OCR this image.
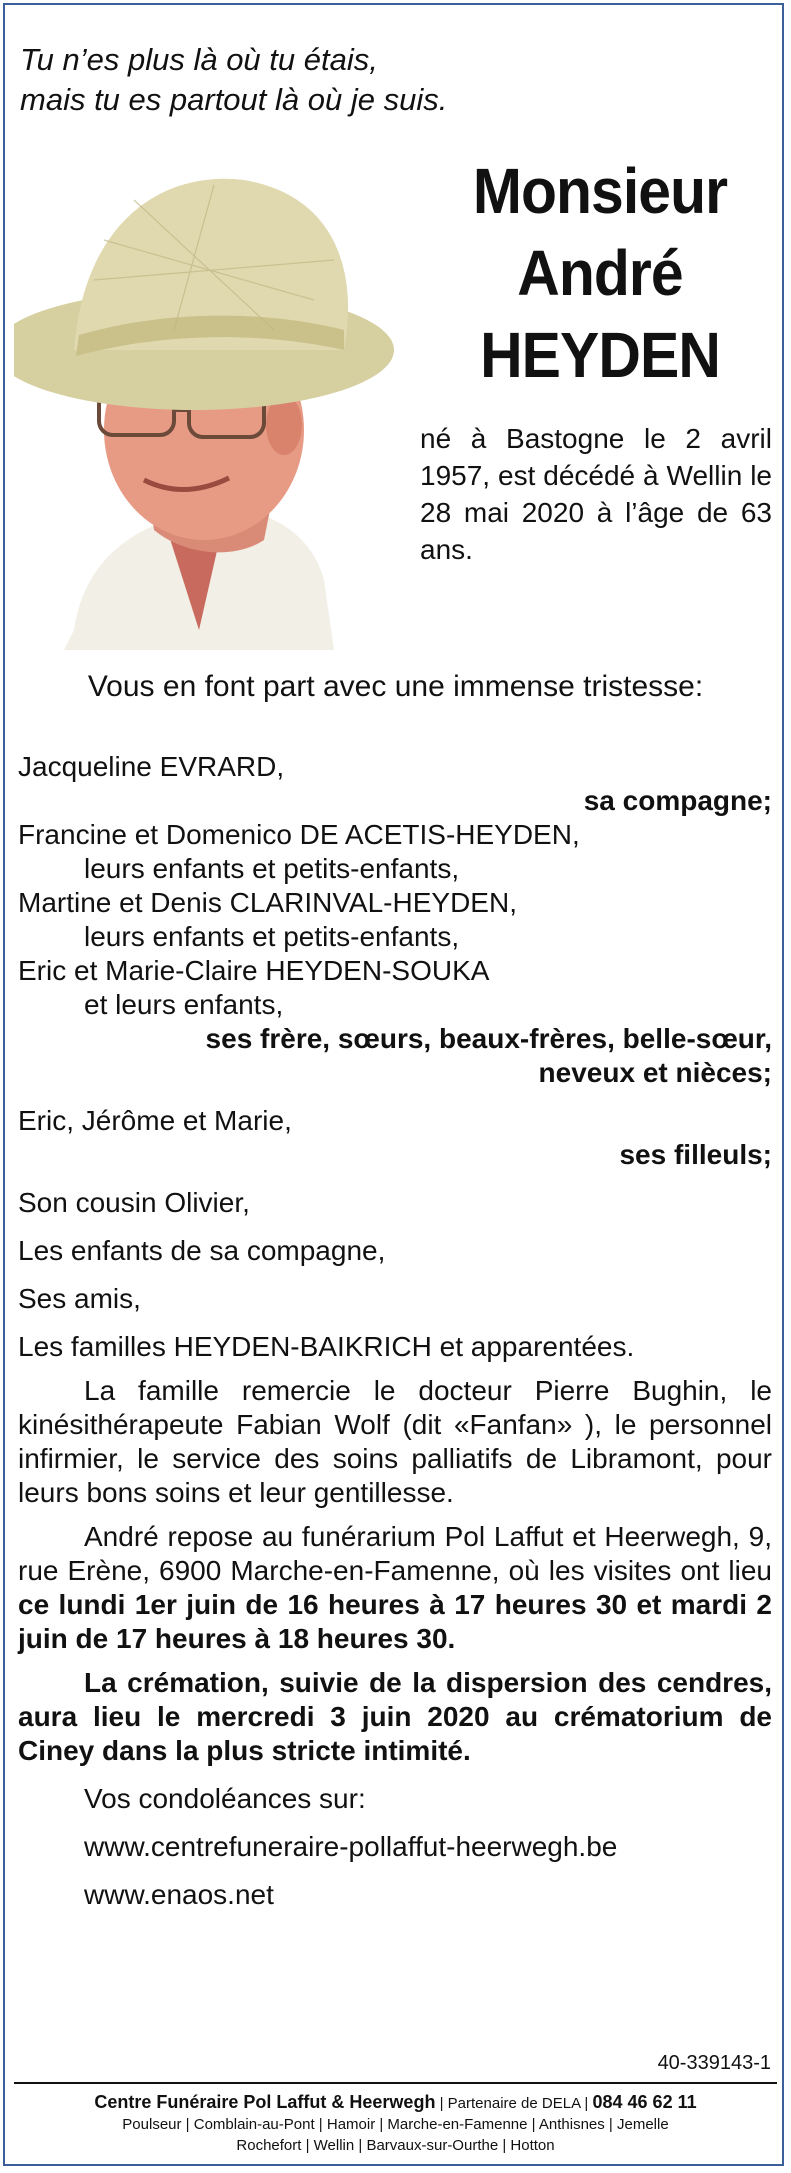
Tu n’es plus là où tu étais,
mais tu es partout là où je suis.
Monsieur
André
HEYDEN
né à Bastogne le 2 avril 1957, est décédé à Wellin le 28 mai 2020 à l’âge de 63 ans.
Vous en font part avec une immense tristesse:
Jacqueline EVRARD,
sa compagne;
Francine et Domenico DE ACETIS-HEYDEN,
leurs enfants et petits-enfants,
Martine et Denis CLARINVAL-HEYDEN,
leurs enfants et petits-enfants,
Eric et Marie-Claire HEYDEN-SOUKA
et leurs enfants,
ses frère, sœurs, beaux-frères, belle-sœur,
neveux et nièces;
Eric, Jérôme et Marie,
ses filleuls;
Son cousin Olivier,
Les enfants de sa compagne,
Ses amis,
Les familles HEYDEN-BAIKRICH et apparentées.
La famille remercie le docteur Pierre Bughin, le kinésithérapeute Fabian Wolf (dit «Fanfan» ), le personnel infirmier, le service des soins palliatifs de Libramont, pour leurs bons soins et leur gentillesse.
André repose au funérarium Pol Laffut et Heerwegh, 9, rue Erène, 6900 Marche-en-Famenne, où les visites ont lieu ce lundi 1er juin de 16 heures à 17 heures 30 et mardi 2 juin de 17 heures à 18 heures 30.
La crémation, suivie de la dispersion des cendres, aura lieu le mercredi 3 juin 2020 au crématorium de Ciney dans la plus stricte intimité.
Vos condoléances sur:
www.centrefuneraire-pollaffut-heerwegh.be
www.enaos.net
40-339143-1
Centre Funéraire Pol Laffut & Heerwegh | Partenaire de DELA | 084 46 62 11
Poulseur | Comblain-au-Pont | Hamoir | Marche-en-Famenne | Anthisnes | Jemelle
Rochefort | Wellin | Barvaux-sur-Ourthe | Hotton
